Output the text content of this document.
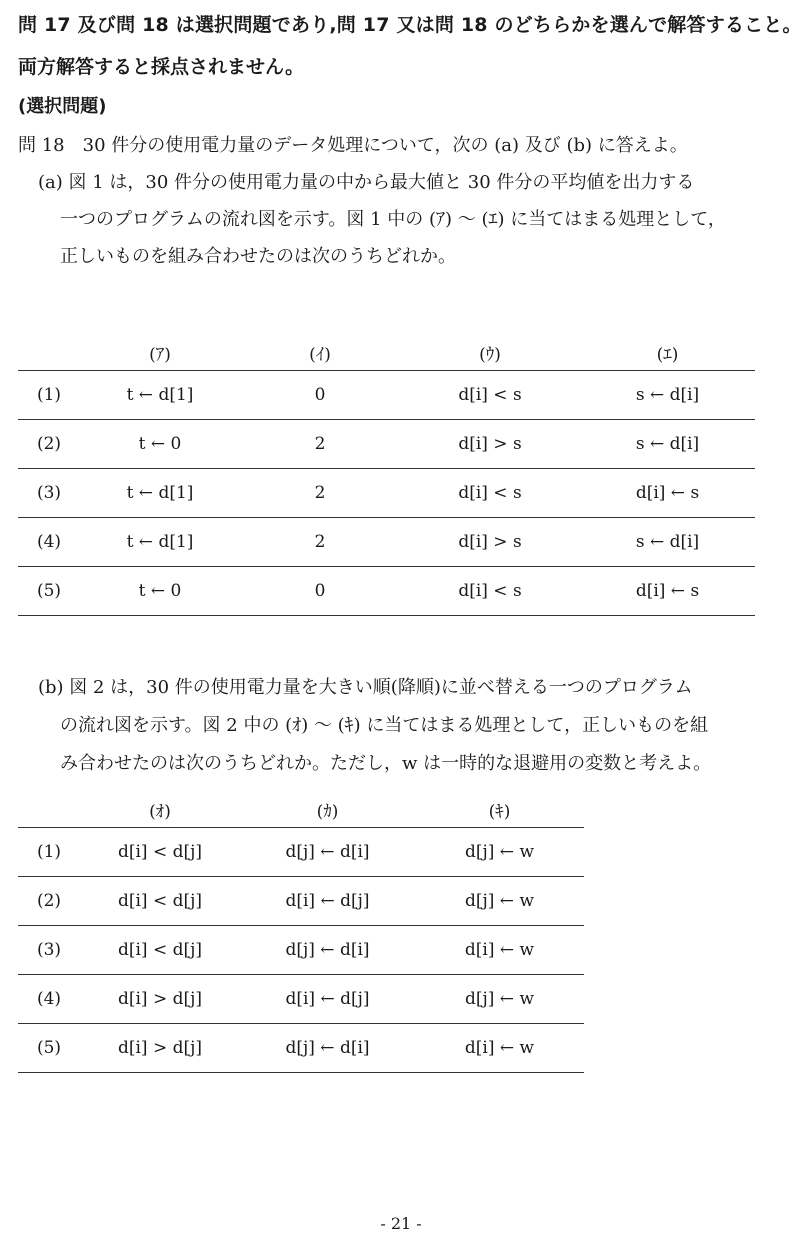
問 17 及び問 18 は選択問題であり,問 17 又は問 18 のどちらかを選んで解答すること。
両方解答すると採点されません。
(選択問題)
問 18　30 件分の使用電力量のデータ処理について，次の (a) 及び (b) に答えよ。
(a) 図 1 は，30 件分の使用電力量の中から最大値と 30 件分の平均値を出力する
一つのプログラムの流れ図を示す。図 1 中の (ｱ) ～ (ｴ) に当てはまる処理として，
正しいものを組み合わせたのは次のうちどれか。
	(ｱ)	(ｲ)	(ｳ)	(ｴ)
(1)	t ← d[1]	0	d[i] < s	s ← d[i]
(2)	t ← 0	2	d[i] > s	s ← d[i]
(3)	t ← d[1]	2	d[i] < s	d[i] ← s
(4)	t ← d[1]	2	d[i] > s	s ← d[i]
(5)	t ← 0	0	d[i] < s	d[i] ← s
(b) 図 2 は，30 件の使用電力量を大きい順(降順)に並べ替える一つのプログラム
の流れ図を示す。図 2 中の (ｵ) ～ (ｷ) に当てはまる処理として，正しいものを組
み合わせたのは次のうちどれか。ただし，w は一時的な退避用の変数と考えよ。
	(ｵ)	(ｶ)	(ｷ)
(1)	d[i] < d[j]	d[j] ← d[i]	d[j] ← w
(2)	d[i] < d[j]	d[i] ← d[j]	d[j] ← w
(3)	d[i] < d[j]	d[j] ← d[i]	d[i] ← w
(4)	d[i] > d[j]	d[i] ← d[j]	d[j] ← w
(5)	d[i] > d[j]	d[j] ← d[i]	d[i] ← w
- 21 -
